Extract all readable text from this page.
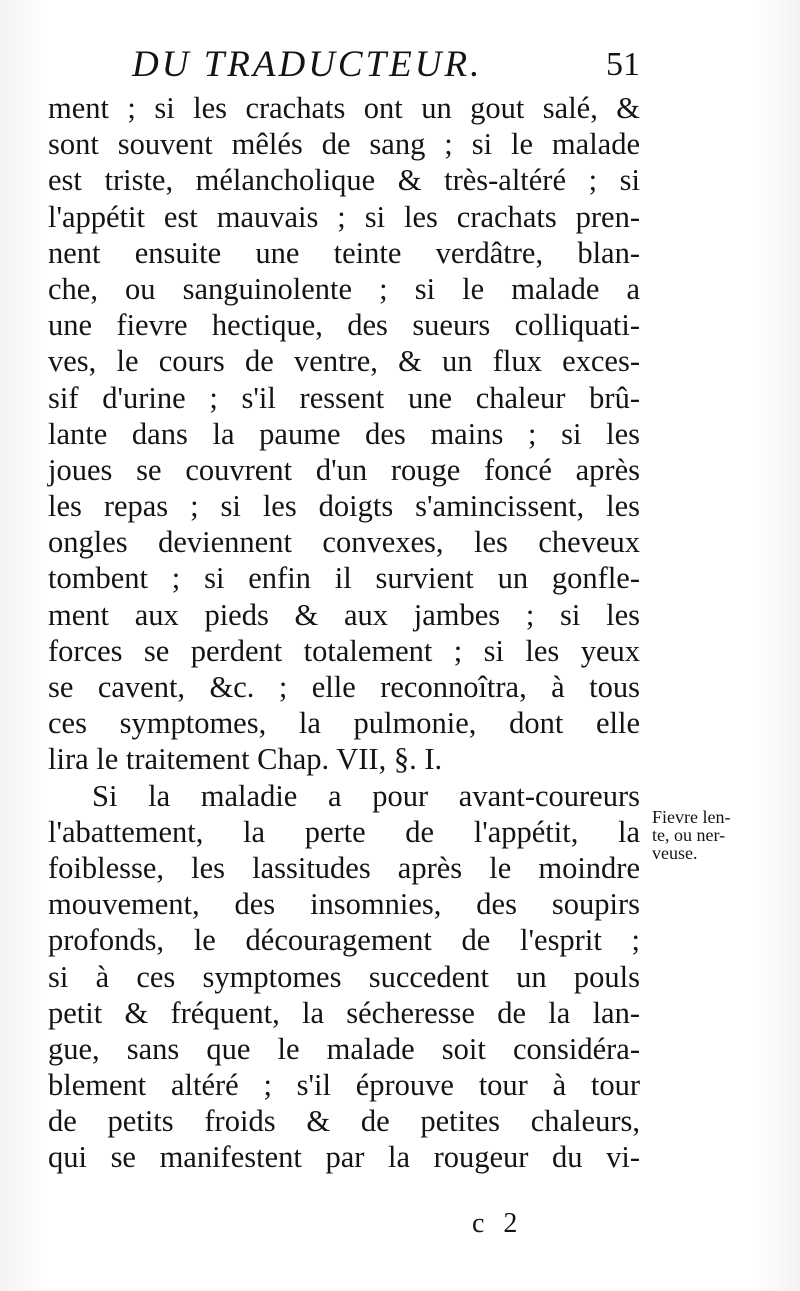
DU TRADUCTEUR.	51
ment ; si les crachats ont un gout salé, &
sont souvent mêlés de sang ; si le malade
est triste, mélancholique & très-altéré ; si
l'appétit est mauvais ; si les crachats pren-
nent ensuite une teinte verdâtre, blan-
che, ou sanguinolente ; si le malade a
une fievre hectique, des sueurs colliquati-
ves, le cours de ventre, & un flux exces-
sif d'urine ; s'il ressent une chaleur brû-
lante dans la paume des mains ; si les
joues se couvrent d'un rouge foncé après
les repas ; si les doigts s'amincissent, les
ongles deviennent convexes, les cheveux
tombent ; si enfin il survient un gonfle-
ment aux pieds & aux jambes ; si les
forces se perdent totalement ; si les yeux
se cavent, &c. ; elle reconnoîtra, à tous
ces symptomes, la pulmonie, dont elle
lira le traitement Chap. VII, §. I.
Si la maladie a pour avant-coureurs
l'abattement, la perte de l'appétit, la
foiblesse, les lassitudes après le moindre
mouvement, des insomnies, des soupirs
profonds, le découragement de l'esprit ;
si à ces symptomes succedent un pouls
petit & fréquent, la sécheresse de la lan-
gue, sans que le malade soit considéra-
blement altéré ; s'il éprouve tour à tour
de petits froids & de petites chaleurs,
qui se manifestent par la rougeur du vi-
Fievre len-
te, ou ner-
veuse.
c 2
